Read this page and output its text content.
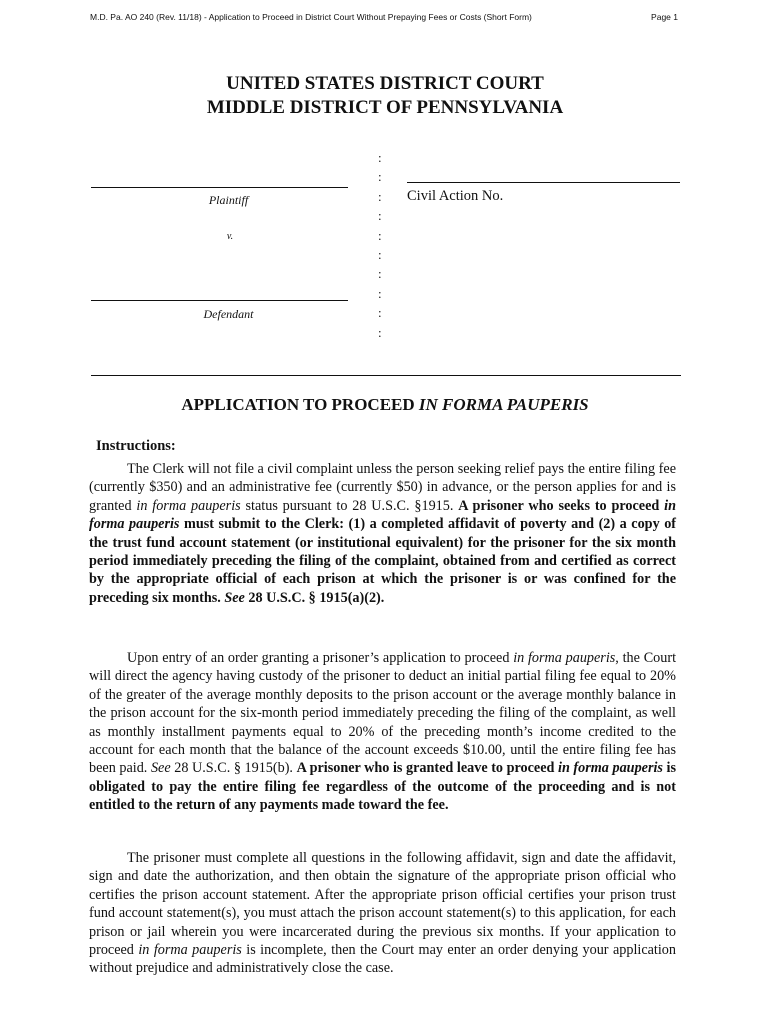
M.D. Pa. AO 240 (Rev. 11/18) - Application to Proceed in District Court Without Prepaying Fees or Costs (Short Form)	Page 1
UNITED STATES DISTRICT COURT
MIDDLE DISTRICT OF PENNSYLVANIA
:
:
:
:
:
:
:
:
:
:
Plaintiff
v.
Defendant
Civil Action No.
APPLICATION TO PROCEED IN FORMA PAUPERIS
Instructions:

The Clerk will not file a civil complaint unless the person seeking relief pays the entire filing fee (currently $350) and an administrative fee (currently $50) in advance, or the person applies for and is granted in forma pauperis status pursuant to 28 U.S.C. §1915. A prisoner who seeks to proceed in forma pauperis must submit to the Clerk: (1) a completed affidavit of poverty and (2) a copy of the trust fund account statement (or institutional equivalent) for the prisoner for the six month period immediately preceding the filing of the complaint, obtained from and certified as correct by the appropriate official of each prison at which the prisoner is or was confined for the preceding six months. See 28 U.S.C. § 1915(a)(2).

Upon entry of an order granting a prisoner’s application to proceed in forma pauperis, the Court will direct the agency having custody of the prisoner to deduct an initial partial filing fee equal to 20% of the greater of the average monthly deposits to the prison account or the average monthly balance in the prison account for the six-month period immediately preceding the filing of the complaint, as well as monthly installment payments equal to 20% of the preceding month’s income credited to the account for each month that the balance of the account exceeds $10.00, until the entire filing fee has been paid. See 28 U.S.C. § 1915(b). A prisoner who is granted leave to proceed in forma pauperis is obligated to pay the entire filing fee regardless of the outcome of the proceeding and is not entitled to the return of any payments made toward the fee.

The prisoner must complete all questions in the following affidavit, sign and date the affidavit, sign and date the authorization, and then obtain the signature of the appropriate prison official who certifies the prison account statement. After the appropriate prison official certifies your prison trust fund account statement(s), you must attach the prison account statement(s) to this application, for each prison or jail wherein you were incarcerated during the previous six months. If your application to proceed in forma pauperis is incomplete, then the Court may enter an order denying your application without prejudice and administratively close the case.
